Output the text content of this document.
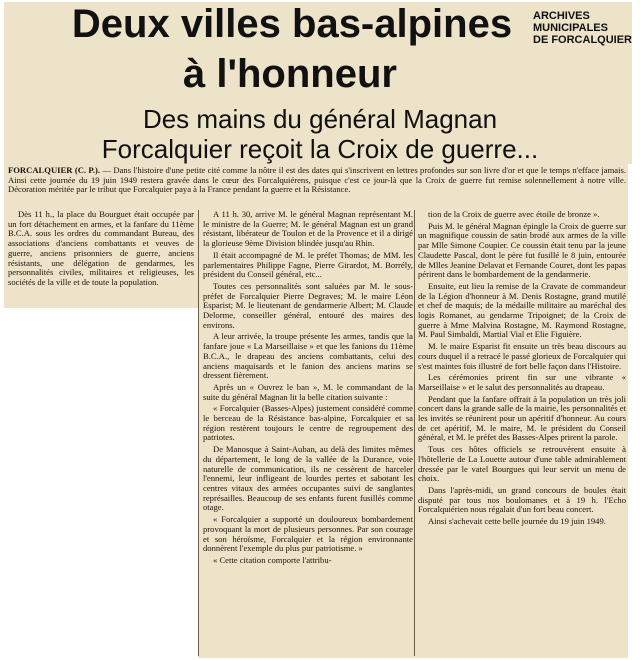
Deux villes bas-alpines
à l'honneur
ARCHIVES
MUNICIPALES
DE FORCALQUIER
Des mains du général Magnan
Forcalquier reçoit la Croix de guerre...
FORCALQUIER (C. P.). — Dans l'histoire d'une petite cité comme la nôtre il est des dates qui s'inscrivent en lettres profondes sur son livre d'or et que le temps n'efface jamais. Ainsi cette journée du 19 juin 1949 restera gravée dans le cœur des Forcalquiérens, puisque c'est ce jour-là que la Croix de guerre fut remise solennellement à notre ville. Décoration méritée par le tribut que Forcalquier paya à la France pendant la guerre et la Résistance.

Dès 11 h., la place du Bourguet était occupée par un fort détachement en armes, et la fanfare du 11ème B.C.A. sous les ordres du commandant Bureau, des associations d'anciens combattants et veuves de guerre, anciens prisonniers de guerre, anciens résistants, une délégation de gendarmes, les personnalités civiles, militaires et religieuses, les sociétés de la ville et de toute la population.

A 11 h. 30, arrive M. le général Magnan représentant M. le ministre de la Guerre; M. le général Magnan est un grand résistant, libérateur de Toulon et de la Provence et il a dirigé la glorieuse 9ème Division blindée jusqu'au Rhin.

Il était accompagné de M. le préfet Thomas; de MM. les parlementaires Philippe Fagne, Pierre Girardot, M. Borrély, président du Conseil général, etc...

Toutes ces personnalités sont saluées par M. le sous-préfet de Forcalquier Pierre Degraves; M. le maire Léon Esparist; M. le lieutenant de gendarmerie Albert; M. Claude Delorme, conseiller général, entouré des maires des environs.

A leur arrivée, la troupe présente les armes, tandis que la fanfare joue « La Marseillaise » et que les fanions du 11ème B.C.A., le drapeau des anciens combattants, celui des anciens maquisards et le fanion des anciens marins se dressent fièrement.

Après un « Ouvrez le ban », M. le commandant de la suite du général Magnan lit la belle citation suivante :

« Forcalquier (Basses-Alpes) justement considéré comme le berceau de la Résistance bas-alpine, Forcalquier et sa région restèrent toujours le centre de regroupement des patriotes.

De Manosque à Saint-Auban, au delà des limites mêmes du département, le long de la vallée de la Durance, voie naturelle de communication, ils ne cessèrent de harceler l'ennemi, leur infligeant de lourdes pertes et sabotant les centres vitaux des armées occupantes suivi de sanglantes représailles. Beaucoup de ses enfants furent fusillés comme otage.

« Forcalquier a supporté un douloureux bombardement provoquant la mort de plusieurs personnes. Par son courage et son héroïsme, Forcalquier et la région environnante donnèrent l'exemple du plus pur patriotisme. »

« Cette citation comporte l'attribu-

tion de la Croix de guerre avec étoile de bronze ».

Puis M. le général Magnan épingle la Croix de guerre sur un magnifique coussin de satin brodé aux armes de la ville par Mlle Simone Coupier. Ce coussin était tenu par la jeune Claudette Pascal, dont le père fut fusillé le 8 juin, entourée de Mlles Jeanine Delavat et Fernande Couret, dont les papas périrent dans le bombardement de la gendarmerie.

Ensuite, eut lieu la remise de la Cravate de commandeur de la Légion d'honneur à M. Denis Rostagne, grand mutilé et chef de maquis; de la médaille militaire au maréchal des logis Romanet, au gendarme Tripoignet; de la Croix de guerre à Mme Malvina Rostagne, M. Raymond Rostagne, M. Paul Simbaldi, Martial Vial et Elie Figuière.

M. le maire Esparist fit ensuite un très beau discours au cours duquel il a retracé le passé glorieux de Forcalquier qui s'est maintes fois illustré de fort belle façon dans l'Histoire.

Les cérémonies prirent fin sur une vibrante « Marseillaise » et le salut des personnalités au drapeau.

Pendant que la fanfare offrait à la population un très joli concert dans la grande salle de la mairie, les personnalités et les invités se réunirent pour un apéritif d'honneur. Au cours de cet apéritif, M. le maire, M. le président du Conseil général, et M. le préfet des Basses-Alpes prirent la parole.

Tous ces hôtes officiels se retrouvèrent ensuite à l'hôtellerie de La Louette autour d'une table admirablement dressée par le vatel Bourgues qui leur servit un menu de choix.

Dans l'après-midi, un grand concours de boules était disputé par tous nos boulomanes et à 19 h. l'Echo Forcalquiérien nous régalait d'un fort beau concert.

Ainsi s'achevait cette belle journée du 19 juin 1949.
